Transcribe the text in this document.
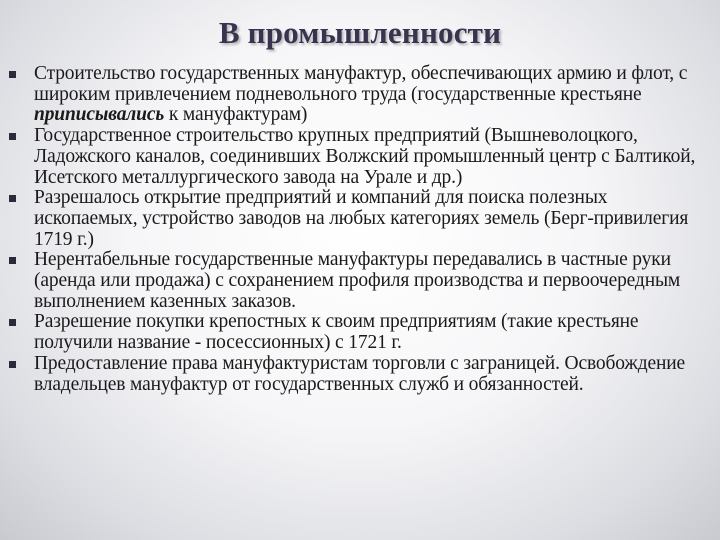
В промышленности
Строительство государственных мануфактур, обеспечивающих армию и флот, с широким привлечением подневольного труда (государственные крестьяне приписывались к мануфактурам)
Государственное строительство крупных предприятий (Вышневолоцкого, Ладожского каналов, соединивших Волжский промышленный центр с Балтикой, Исетского металлургического завода на Урале и др.)
Разрешалось открытие предприятий и компаний для поиска полезных ископаемых, устройство заводов на любых категориях земель (Берг-привилегия 1719 г.)
Нерентабельные государственные мануфактуры передавались в частные руки (аренда или продажа) с сохранением профиля производства и первоочередным выполнением казенных заказов.
Разрешение покупки крепостных к своим предприятиям (такие крестьяне получили название - посессионных) с 1721 г.
Предоставление права мануфактуристам торговли с заграницей. Освобождение владельцев мануфактур от государственных служб и обязанностей.
